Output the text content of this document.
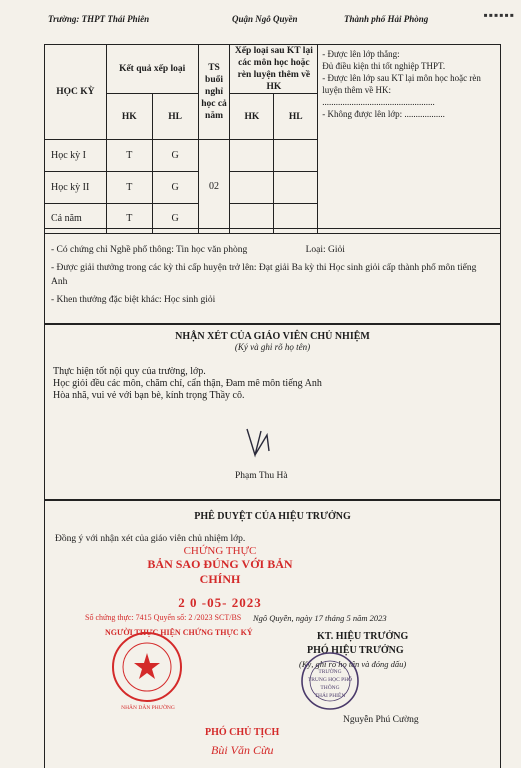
Trường: THPT Thái Phiên	Quận Ngô Quyền	Thành phố Hải Phòng	▪▪▪▪▪▪
HỌC KỲ	Kết quả xếp loại		TS buổi nghỉ học cả năm	Xếp loại sau KT lại các môn học hoặc rèn luyện thêm về HK		- Được lên lớp thẳng:
Đủ điều kiện thi tốt nghiệp THPT.
- Được lên lớp sau KT lại môn học hoặc rèn luyện thêm về HK:
..................................................
- Không được lên lớp: ..................

	HK	HL		HK	HL	
Học kỳ I	T	G	02			
Học kỳ II	T	G				
Cả năm	T	G				

- Có chứng chỉ Nghề phổ thông: Tin học văn phòng	Loại: Giỏi

- Được giải thưởng trong các kỳ thi cấp huyện trở lên: Đạt giải Ba kỳ thi Học sinh giỏi cấp thành phố môn tiếng Anh

- Khen thưởng đặc biệt khác: Học sinh giỏi

NHẬN XÉT CỦA GIÁO VIÊN CHỦ NHIỆM
(Ký và ghi rõ họ tên)

Thực hiện tốt nội quy của trường, lớp.

Học giỏi đều các môn, chăm chỉ, cẩn thận, Đam mê môn tiếng Anh

Hòa nhã, vui vẻ với bạn bè, kính trọng Thầy cô.

Phạm Thu Hà
PHÊ DUYỆT CỦA HIỆU TRƯỞNG
Đồng ý với nhận xét của giáo viên chủ nhiệm lớp.
CHỨNG THỰC
BẢN SAO ĐÚNG VỚI BẢN CHÍNH
2 0 -05- 2023
Số chứng thực: 7415 Quyển số: 2 /2023 SCT/BS
NGƯỜI THỰC HIỆN CHỨNG THỰC KÝ
Ngô Quyền, ngày 17 tháng 5 năm 2023
KT. HIỆU TRƯỞNG
PHÓ HIỆU TRƯỞNG
(Ký, ghi rõ họ tên và đóng dấu)
TRƯỜNG
TRUNG HỌC PHỔ THÔNG
THÁI PHIÊN
NHÂN DÂN PHƯỜNG
Nguyễn Phú Cường
PHÓ CHỦ TỊCH
Bùi Văn Cừu
